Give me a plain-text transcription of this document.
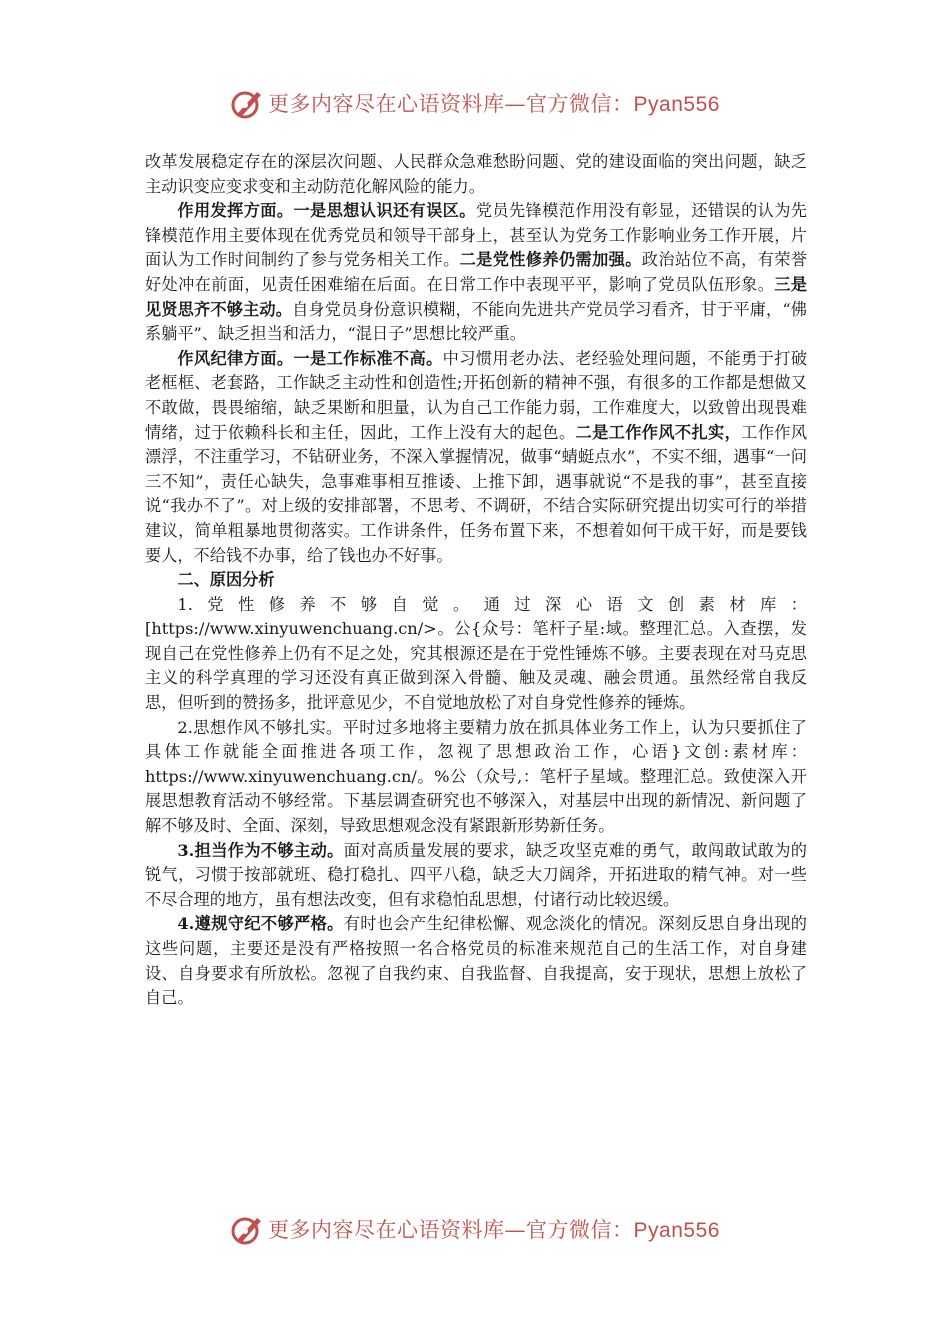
更多内容尽在心语资料库—官方微信：Pyan556

改革发展稳定存在的深层次问题、人民群众急难愁盼问题、党的建设面临的突出问题，缺乏主动识变应变求变和主动防范化解风险的能力。

作用发挥方面。一是思想认识还有误区。党员先锋模范作用没有彰显，还错误的认为先锋模范作用主要体现在优秀党员和领导干部身上，甚至认为党务工作影响业务工作开展，片面认为工作时间制约了参与党务相关工作。二是党性修养仍需加强。政治站位不高，有荣誉好处冲在前面，见责任困难缩在后面。在日常工作中表现平平，影响了党员队伍形象。三是见贤思齐不够主动。自身党员身份意识模糊，不能向先进共产党员学习看齐，甘于平庸，“佛系躺平”、缺乏担当和活力，“混日子”思想比较严重。

作风纪律方面。一是工作标准不高。中习惯用老办法、老经验处理问题，不能勇于打破老框框、老套路，工作缺乏主动性和创造性;开拓创新的精神不强，有很多的工作都是想做又不敢做，畏畏缩缩，缺乏果断和胆量，认为自己工作能力弱，工作难度大，以致曾出现畏难情绪，过于依赖科长和主任，因此，工作上没有大的起色。二是工作作风不扎实，工作作风漂浮，不注重学习，不钻研业务，不深入掌握情况，做事“蜻蜓点水”，不实不细，遇事“一问三不知”，责任心缺失，急事难事相互推诿、上推下卸，遇事就说“不是我的事”，甚至直接说“我办不了”。对上级的安排部署，不思考、不调研，不结合实际研究提出切实可行的举措建议，简单粗暴地贯彻落实。工作讲条件，任务布置下来，不想着如何干成干好，而是要钱要人，不给钱不办事，给了钱也办不好事。

二、原因分析

1.党性修养不够自觉。通过深心语文创素材库：[https://www.xinyuwenchuang.cn/>。公{众号：笔杆子星:域。整理汇总。入查摆，发现自己在党性修养上仍有不足之处，究其根源还是在于党性锤炼不够。主要表现在对马克思主义的科学真理的学习还没有真正做到深入骨髓、触及灵魂、融会贯通。虽然经常自我反思，但听到的赞扬多，批评意见少，不自觉地放松了对自身党性修养的锤炼。

2.思想作风不够扎实。平时过多地将主要精力放在抓具体业务工作上，认为只要抓住了具体工作就能全面推进各项工作，忽视了思想政治工作，心语}文创:素材库：https://www.xinyuwenchuang.cn/。%公（众号,：笔杆子星域。整理汇总。致使深入开展思想教育活动不够经常。下基层调查研究也不够深入，对基层中出现的新情况、新问题了解不够及时、全面、深刻，导致思想观念没有紧跟新形势新任务。

3.担当作为不够主动。面对高质量发展的要求，缺乏攻坚克难的勇气，敢闯敢试敢为的锐气，习惯于按部就班、稳打稳扎、四平八稳，缺乏大刀阔斧，开拓进取的精气神。对一些不尽合理的地方，虽有想法改变，但有求稳怕乱思想，付诸行动比较迟缓。

4.遵规守纪不够严格。有时也会产生纪律松懈、观念淡化的情况。深刻反思自身出现的这些问题，主要还是没有严格按照一名合格党员的标准来规范自己的生活工作，对自身建设、自身要求有所放松。忽视了自我约束、自我监督、自我提高，安于现状，思想上放松了自己。

更多内容尽在心语资料库—官方微信：Pyan556
